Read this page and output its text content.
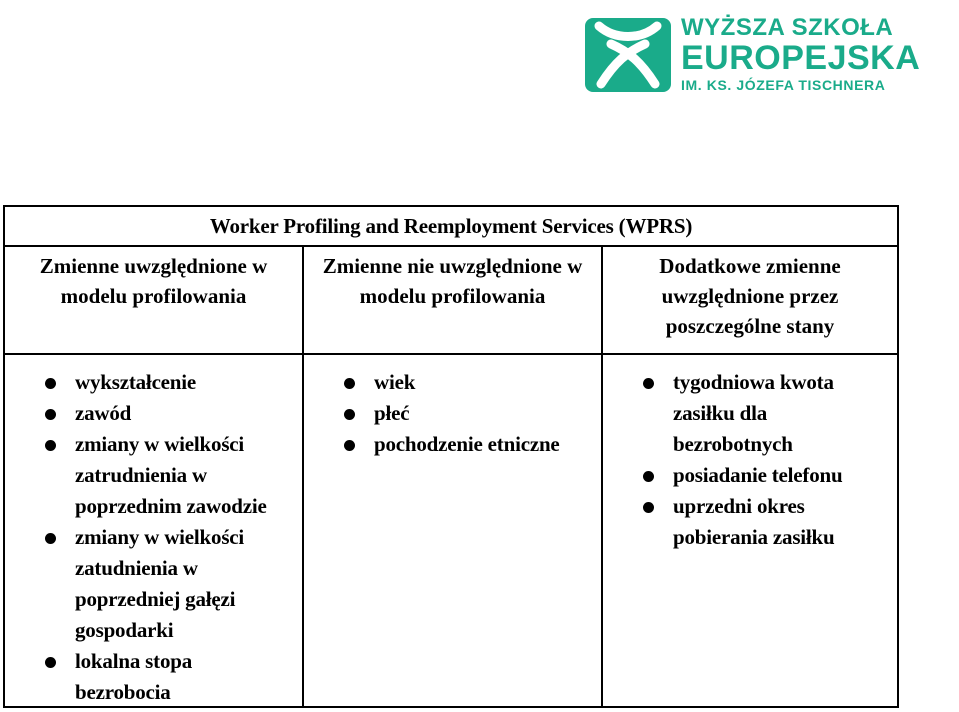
WYŻSZA SZKOŁA
EUROPEJSKA
IM. KS. JÓZEFA TISCHNERA
Worker Profiling and Reemployment Services (WPRS)
Zmienne uwzględnione w modelu profilowania
Zmienne nie uwzględnione w modelu profilowania
Dodatkowe zmienne uwzględnione przez poszczególne stany
wykształcenie
zawód
zmiany w wielkości zatrudnienia w poprzednim zawodzie
zmiany w wielkości zatudnienia w poprzedniej gałęzi gospodarki
lokalna stopa bezrobocia
wiek
płeć
pochodzenie etniczne
tygodniowa kwota zasiłku dla bezrobotnych
posiadanie telefonu
uprzedni okres pobierania zasiłku
